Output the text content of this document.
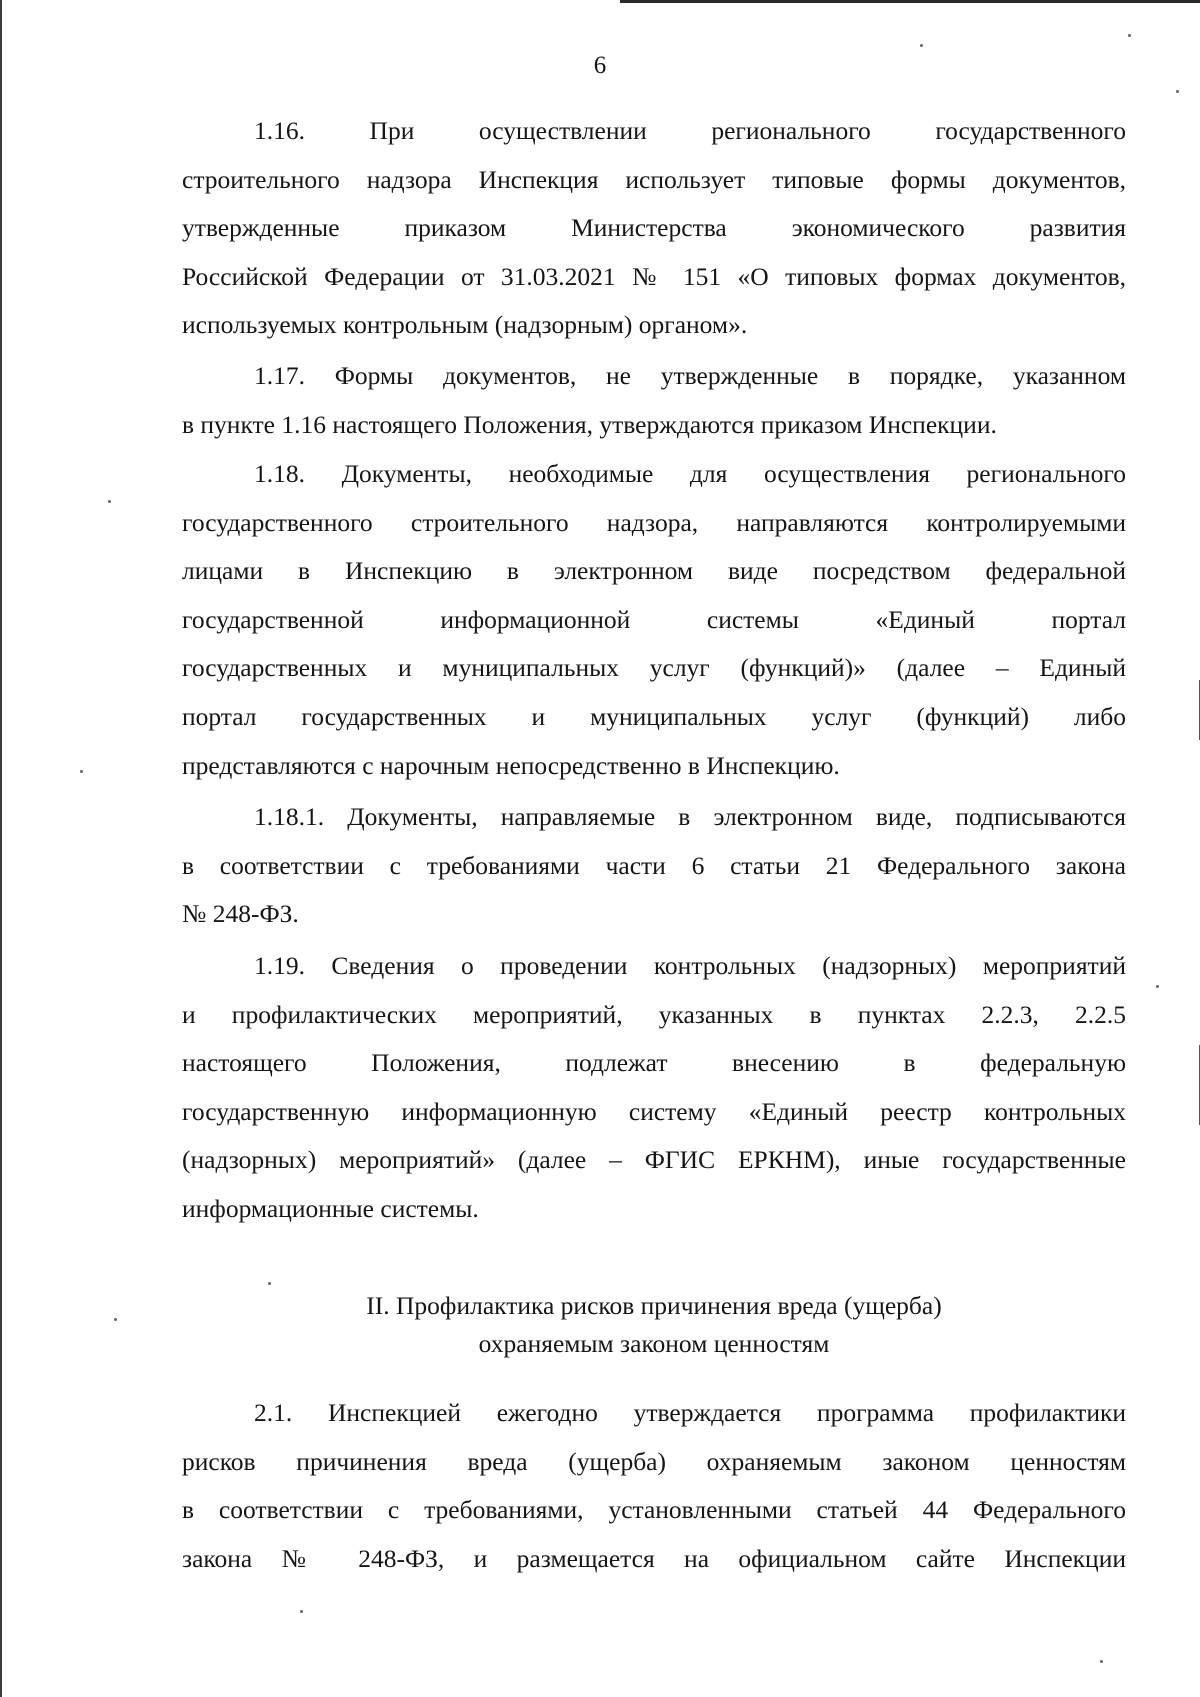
6

1.16. При осуществлении регионального государственного
строительного надзора Инспекция использует типовые формы документов,
утвержденные приказом Министерства экономического развития
Российской Федерации от 31.03.2021 № 151 «О типовых формах документов,
используемых контрольным (надзорным) органом».

1.17. Формы документов, не утвержденные в порядке, указанном
в пункте 1.16 настоящего Положения, утверждаются приказом Инспекции.

1.18. Документы, необходимые для осуществления регионального
государственного строительного надзора, направляются контролируемыми
лицами в Инспекцию в электронном виде посредством федеральной
государственной информационной системы «Единый портал
государственных и муниципальных услуг (функций)» (далее – Единый
портал государственных и муниципальных услуг (функций) либо
представляются с нарочным непосредственно в Инспекцию.

1.18.1. Документы, направляемые в электронном виде, подписываются
в соответствии с требованиями части 6 статьи 21 Федерального закона
№ 248-ФЗ.

1.19. Сведения о проведении контрольных (надзорных) мероприятий
и профилактических мероприятий, указанных в пунктах 2.2.3, 2.2.5
настоящего Положения, подлежат внесению в федеральную
государственную информационную систему «Единый реестр контрольных
(надзорных) мероприятий» (далее – ФГИС ЕРКНМ), иные государственные
информационные системы.

II. Профилактика рисков причинения вреда (ущерба)
охраняемым законом ценностям

2.1. Инспекцией ежегодно утверждается программа профилактики
рисков причинения вреда (ущерба) охраняемым законом ценностям
в соответствии с требованиями, установленными статьей 44 Федерального
закона № 248-ФЗ, и размещается на официальном сайте Инспекции
